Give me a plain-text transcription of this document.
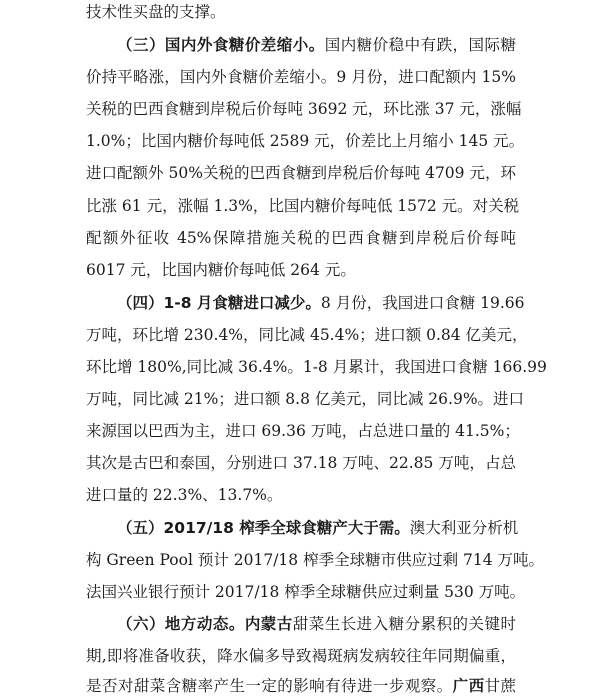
技术性买盘的支撑。
（三）国内外食糖价差缩小。国内糖价稳中有跌，国际糖
价持平略涨，国内外食糖价差缩小。9 月份，进口配额内 15%
关税的巴西食糖到岸税后价每吨 3692 元，环比涨 37 元，涨幅
1.0%；比国内糖价每吨低 2589 元，价差比上月缩小 145 元。
进口配额外 50%关税的巴西食糖到岸税后价每吨 4709 元，环
比涨 61 元，涨幅 1.3%，比国内糖价每吨低 1572 元。对关税
配额外征收 45%保障措施关税的巴西食糖到岸税后价每吨
6017 元，比国内糖价每吨低 264 元。
（四）1-8 月食糖进口减少。8 月份，我国进口食糖 19.66
万吨，环比增 230.4%，同比减 45.4%；进口额 0.84 亿美元，
环比增 180%,同比减 36.4%。1-8 月累计，我国进口食糖 166.99
万吨，同比减 21%；进口额 8.8 亿美元，同比减 26.9%。进口
来源国以巴西为主，进口 69.36 万吨，占总进口量的 41.5%；
其次是古巴和泰国，分别进口 37.18 万吨、22.85 万吨，占总
进口量的 22.3%、13.7%。
（五）2017/18 榨季全球食糖产大于需。澳大利亚分析机
构 Green Pool 预计 2017/18 榨季全球糖市供应过剩 714 万吨。
法国兴业银行预计 2017/18 榨季全球糖供应过剩量 530 万吨。
（六）地方动态。内蒙古甜菜生长进入糖分累积的关键时
期,即将准备收获，降水偏多导致褐斑病发病较往年同期偏重，
是否对甜菜含糖率产生一定的影响有待进一步观察。广西甘蔗
